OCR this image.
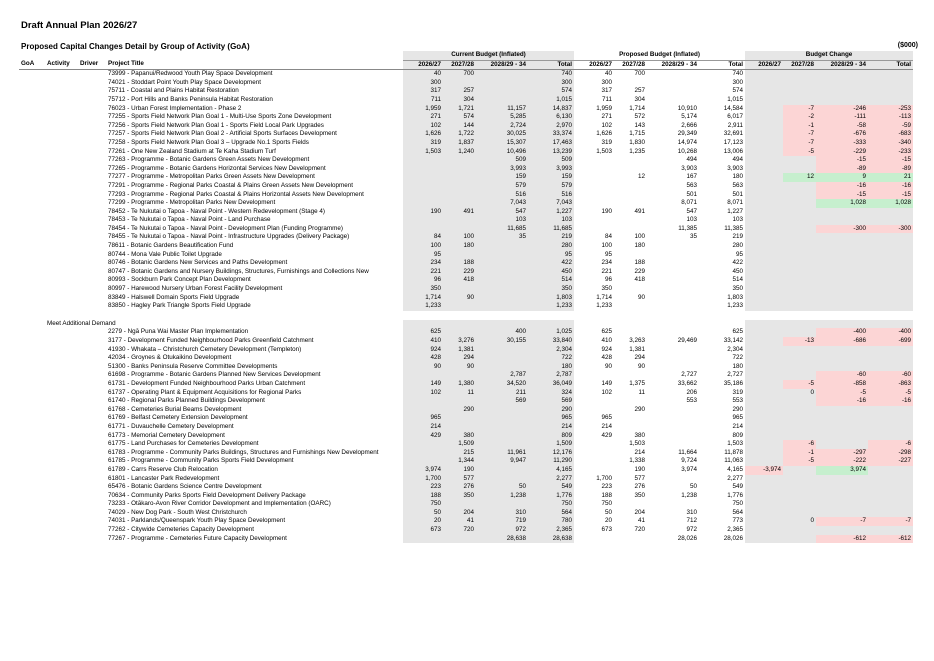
Draft Annual Plan 2026/27
Proposed Capital Changes Detail by Group of Activity (GoA)	($000)
				Current Budget (Inflated)				Proposed Budget (Inflated)				Budget Change			
GoA	Activity	Driver	Project Title	2026/27	2027/28	2028/29 - 34	Total	2026/27	2027/28	2028/29 - 34	Total	2026/27	2027/28	2028/29 - 34	Total
			73999 - Papanui/Redwood Youth Play Space Development	40	700		740	40	700		740				
			74021 - Stoddart Point Youth Play Space Development	300			300	300			300				
			75711 - Coastal and Plains Habitat Restoration	317	257		574	317	257		574				
			75712 - Port Hills and Banks Peninsula Habitat Restoration	711	304		1,015	711	304		1,015				
			76023 - Urban Forest Implementation - Phase 2	1,959	1,721	11,157	14,837	1,959	1,714	10,910	14,584		-7	-246	-253
			77255 - Sports Field Network Plan Goal 1 - Multi-Use Sports Zone Development	271	574	5,285	6,130	271	572	5,174	6,017		-2	-111	-113
			77256 - Sports Field Network Plan Goal 1 - Sports Field Local Park Upgrades	102	144	2,724	2,970	102	143	2,666	2,911		-1	-58	-59
			77257 - Sports Field Network Plan Goal 2 - Artificial Sports Surfaces Development	1,626	1,722	30,025	33,374	1,626	1,715	29,349	32,691		-7	-676	-683
			77258 - Sports Field Network Plan Goal 3 – Upgrade No.1 Sports Fields	319	1,837	15,307	17,463	319	1,830	14,974	17,123		-7	-333	-340
			77261 - One New Zealand Stadium at Te Kaha Stadium Turf	1,503	1,240	10,496	13,239	1,503	1,235	10,268	13,006		-5	-229	-233
			77263 - Programme - Botanic Gardens Green Assets New Development			509	509			494	494			-15	-15
			77265 - Programme - Botanic Gardens Horizontal Services New Development			3,993	3,993			3,903	3,903			-89	-89
			77277 - Programme - Metropolitan Parks Green Assets New Development			159	159		12	167	180		12	9	21
			77291 - Programme - Regional Parks Coastal & Plains Green Assets New Development			579	579			563	563			-16	-16
			77293 - Programme - Regional Parks Coastal & Plains Horizontal Assets New Development			516	516			501	501			-15	-15
			77299 - Programme - Metropolitan Parks New Development			7,043	7,043			8,071	8,071			1,028	1,028
			78452 - Te Nukutai o Tapoa - Naval Point - Western Redevelopment (Stage 4)	190	491	547	1,227	190	491	547	1,227				
			78453 - Te Nukutai o Tapoa - Naval Point - Land Purchase			103	103			103	103				
			78454 - Te Nukutai o Tapoa - Naval Point - Development Plan (Funding Programme)			11,685	11,685			11,385	11,385			-300	-300
			78455 - Te Nukutai o Tapoa - Naval Point - Infrastructure Upgrades (Delivery Package)	84	100	35	219	84	100	35	219				
			78611 - Botanic Gardens Beautification Fund	100	180		280	100	180		280				
			80744 - Mona Vale Public Toilet Upgrade	95			95	95			95				
			80746 - Botanic Gardens New Services and Paths Development	234	188		422	234	188		422				
			80747 - Botanic Gardens and Nursery Buildings, Structures, Furnishings and Collections New	221	229		450	221	229		450				
			80993 - Sockburn Park Concept Plan Development	96	418		514	96	418		514				
			80997 - Harewood Nursery Urban Forest Facility Development	350			350	350			350				
			83849 - Halswell Domain Sports Field Upgrade	1,714	90		1,803	1,714	90		1,803				
			83850 - Hagley Park Triangle Sports Field Upgrade	1,233			1,233	1,233			1,233				

	Meet Additional Demand														
			2279 - Ngā Puna Wai Master Plan Implementation	625		400	1,025	625			625			-400	-400
			3177 - Development Funded Neighbourhood Parks Greenfield Catchment	410	3,276	30,155	33,840	410	3,263	29,469	33,142		-13	-686	-699
			41930 - Whakata – Christchurch Cemetery Development (Templeton)	924	1,381		2,304	924	1,381		2,304				
			42034 - Groynes & Ōtukaikino Development	428	294		722	428	294		722				
			51300 - Banks Peninsula Reserve Committee Developments	90	90		180	90	90		180				
			61698 - Programme - Botanic Gardens Planned New Services Development			2,787	2,787			2,727	2,727			-60	-60
			61731 - Development Funded Neighbourhood Parks Urban Catchment	149	1,380	34,520	36,049	149	1,375	33,662	35,186		-5	-858	-863
			61737 - Operating Plant & Equipment Acquisitions for Regional Parks	102	11	211	324	102	11	206	319		0	-5	-5
			61740 - Regional Parks Planned Buildings Development			569	569			553	553			-16	-16
			61768 - Cemeteries Burial Beams Development		290		290		290		290				
			61769 - Belfast Cemetery Extension Development	965			965	965			965				
			61771 - Duvauchelle Cemetery Development	214			214	214			214				
			61773 - Memorial Cemetery Development	429	380		809	429	380		809				
			61775 - Land Purchases for Cemeteries Development		1,509		1,509		1,503		1,503		-6		-6
			61783 - Programme - Community Parks Buildings, Structures and Furnishings New Development		215	11,961	12,176		214	11,664	11,878		-1	-297	-298
			61785 - Programme - Community Parks Sports Field Development		1,344	9,947	11,290		1,338	9,724	11,063		-5	-222	-227
			61789 - Carrs Reserve Club Relocation	3,974	190		4,165		190	3,974	4,165	-3,974		3,974	
			61801 - Lancaster Park Redevelopment	1,700	577		2,277	1,700	577		2,277				
			65476 - Botanic Gardens Science Centre Development	223	276	50	549	223	276	50	549				
			70634 - Community Parks Sports Field Development Delivery Package	188	350	1,238	1,776	188	350	1,238	1,776				
			73233 - Ōtākaro-Avon River Corridor Development and Implementation (OARC)	750			750	750			750				
			74029 - New Dog Park - South West Christchurch	50	204	310	564	50	204	310	564				
			74031 - Parklands/Queenspark Youth Play Space Development	20	41	719	780	20	41	712	773		0	-7	-7
			77262 - Citywide Cemeteries Capacity Development	673	720	972	2,365	673	720	972	2,365				
			77267 - Programme - Cemeteries Future Capacity Development			28,638	28,638			28,026	28,026			-612	-612
